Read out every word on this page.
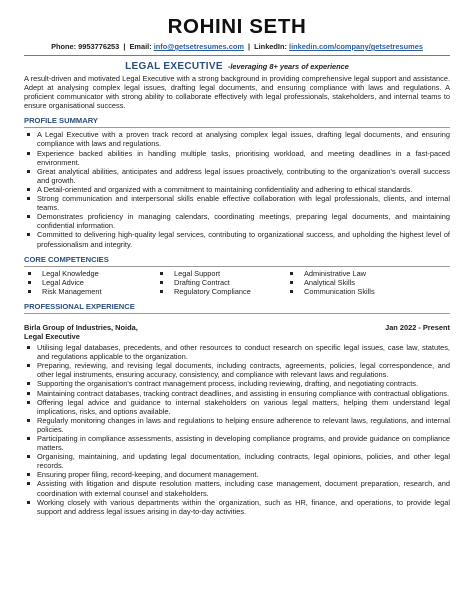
ROHINI SETH
Phone: 9953776253 | Email: info@getsetresumes.com | LinkedIn: linkedin.com/company/getsetresumes
LEGAL EXECUTIVE -leveraging 8+ years of experience

A result-driven and motivated Legal Executive with a strong background in providing comprehensive legal support and assistance. Adept at analysing complex legal issues, drafting legal documents, and ensuring compliance with laws and regulations. A proficient communicator with strong ability to collaborate effectively with legal professionals, stakeholders, and internal teams to ensure organisational success.

PROFILE SUMMARY
A Legal Executive with a proven track record at analysing complex legal issues, drafting legal documents, and ensuring compliance with laws and regulations.
Experience backed abilities in handling multiple tasks, prioritising workload, and meeting deadlines in a fast-paced environment.
Great analytical abilities, anticipates and address legal issues proactively, contributing to the organization's overall success and growth.
A Detail-oriented and organized with a commitment to maintaining confidentiality and adhering to ethical standards.
Strong communication and interpersonal skills enable effective collaboration with legal professionals, clients, and internal teams.
Demonstrates proficiency in managing calendars, coordinating meetings, preparing legal documents, and maintaining confidential information.
Committed to delivering high-quality legal services, contributing to organizational success, and upholding the highest level of professionalism and integrity.
CORE COMPETENCIES
Legal Knowledge
Legal Advice
Risk Management
Legal Support
Drafting Contract
Regulatory Compliance
Administrative Law
Analytical Skills
Communication Skills
PROFESSIONAL EXPERIENCE
Birla Group of Industries, Noida,	Jan 2022 - Present
Legal Executive
Utilising legal databases, precedents, and other resources to conduct research on specific legal issues, case law, statutes, and regulations applicable to the organization.
Preparing, reviewing, and revising legal documents, including contracts, agreements, policies, legal correspondence, and other legal instruments, ensuring accuracy, consistency, and compliance with relevant laws and regulations.
Supporting the organisation's contract management process, including reviewing, drafting, and negotiating contracts.
Maintaining contract databases, tracking contract deadlines, and assisting in ensuring compliance with contractual obligations.
Offering legal advice and guidance to internal stakeholders on various legal matters, helping them understand legal implications, risks, and options available.
Regularly monitoring changes in laws and regulations to helping ensure adherence to relevant laws, regulations, and internal policies.
Participating in compliance assessments, assisting in developing compliance programs, and provide guidance on compliance matters.
Organising, maintaining, and updating legal documentation, including contracts, legal opinions, policies, and other legal records.
Ensuring proper filing, record-keeping, and document management.
Assisting with litigation and dispute resolution matters, including case management, document preparation, research, and coordination with external counsel and stakeholders.
Working closely with various departments within the organization, such as HR, finance, and operations, to provide legal support and address legal issues arising in day-to-day activities.
